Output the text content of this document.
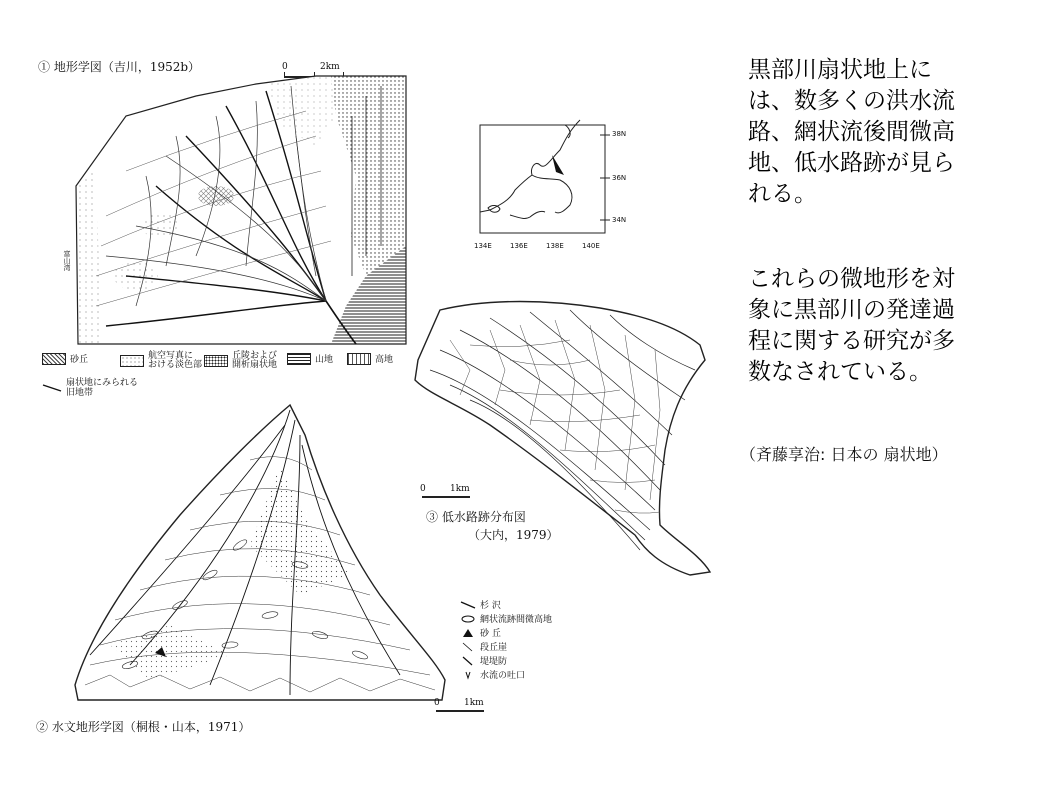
① 地形学図（吉川，1952b）	0	2km
富山湾
砂丘	航空写真に
おける淡色部
丘陵および
開析扇状地	山地	高地
扇状地にみられる
旧地帯
38N
36N
34N
134E	136E	138E	140E
0	1km
③ 低水路跡分布図
（大内，1979）
杉 沢
網状流跡間微高地
砂 丘
段丘崖
堤堤防
水流の吐口
0	1km
② 水文地形学図（桐根・山本，1971）
黒部川扇状地上に
は、数多くの洪水流
路、網状流後間微高
地、低水路跡が見ら
れる。
これらの微地形を対
象に黒部川の発達過
程に関する研究が多
数なされている。
（斉藤享治: 日本の 扇状地）
